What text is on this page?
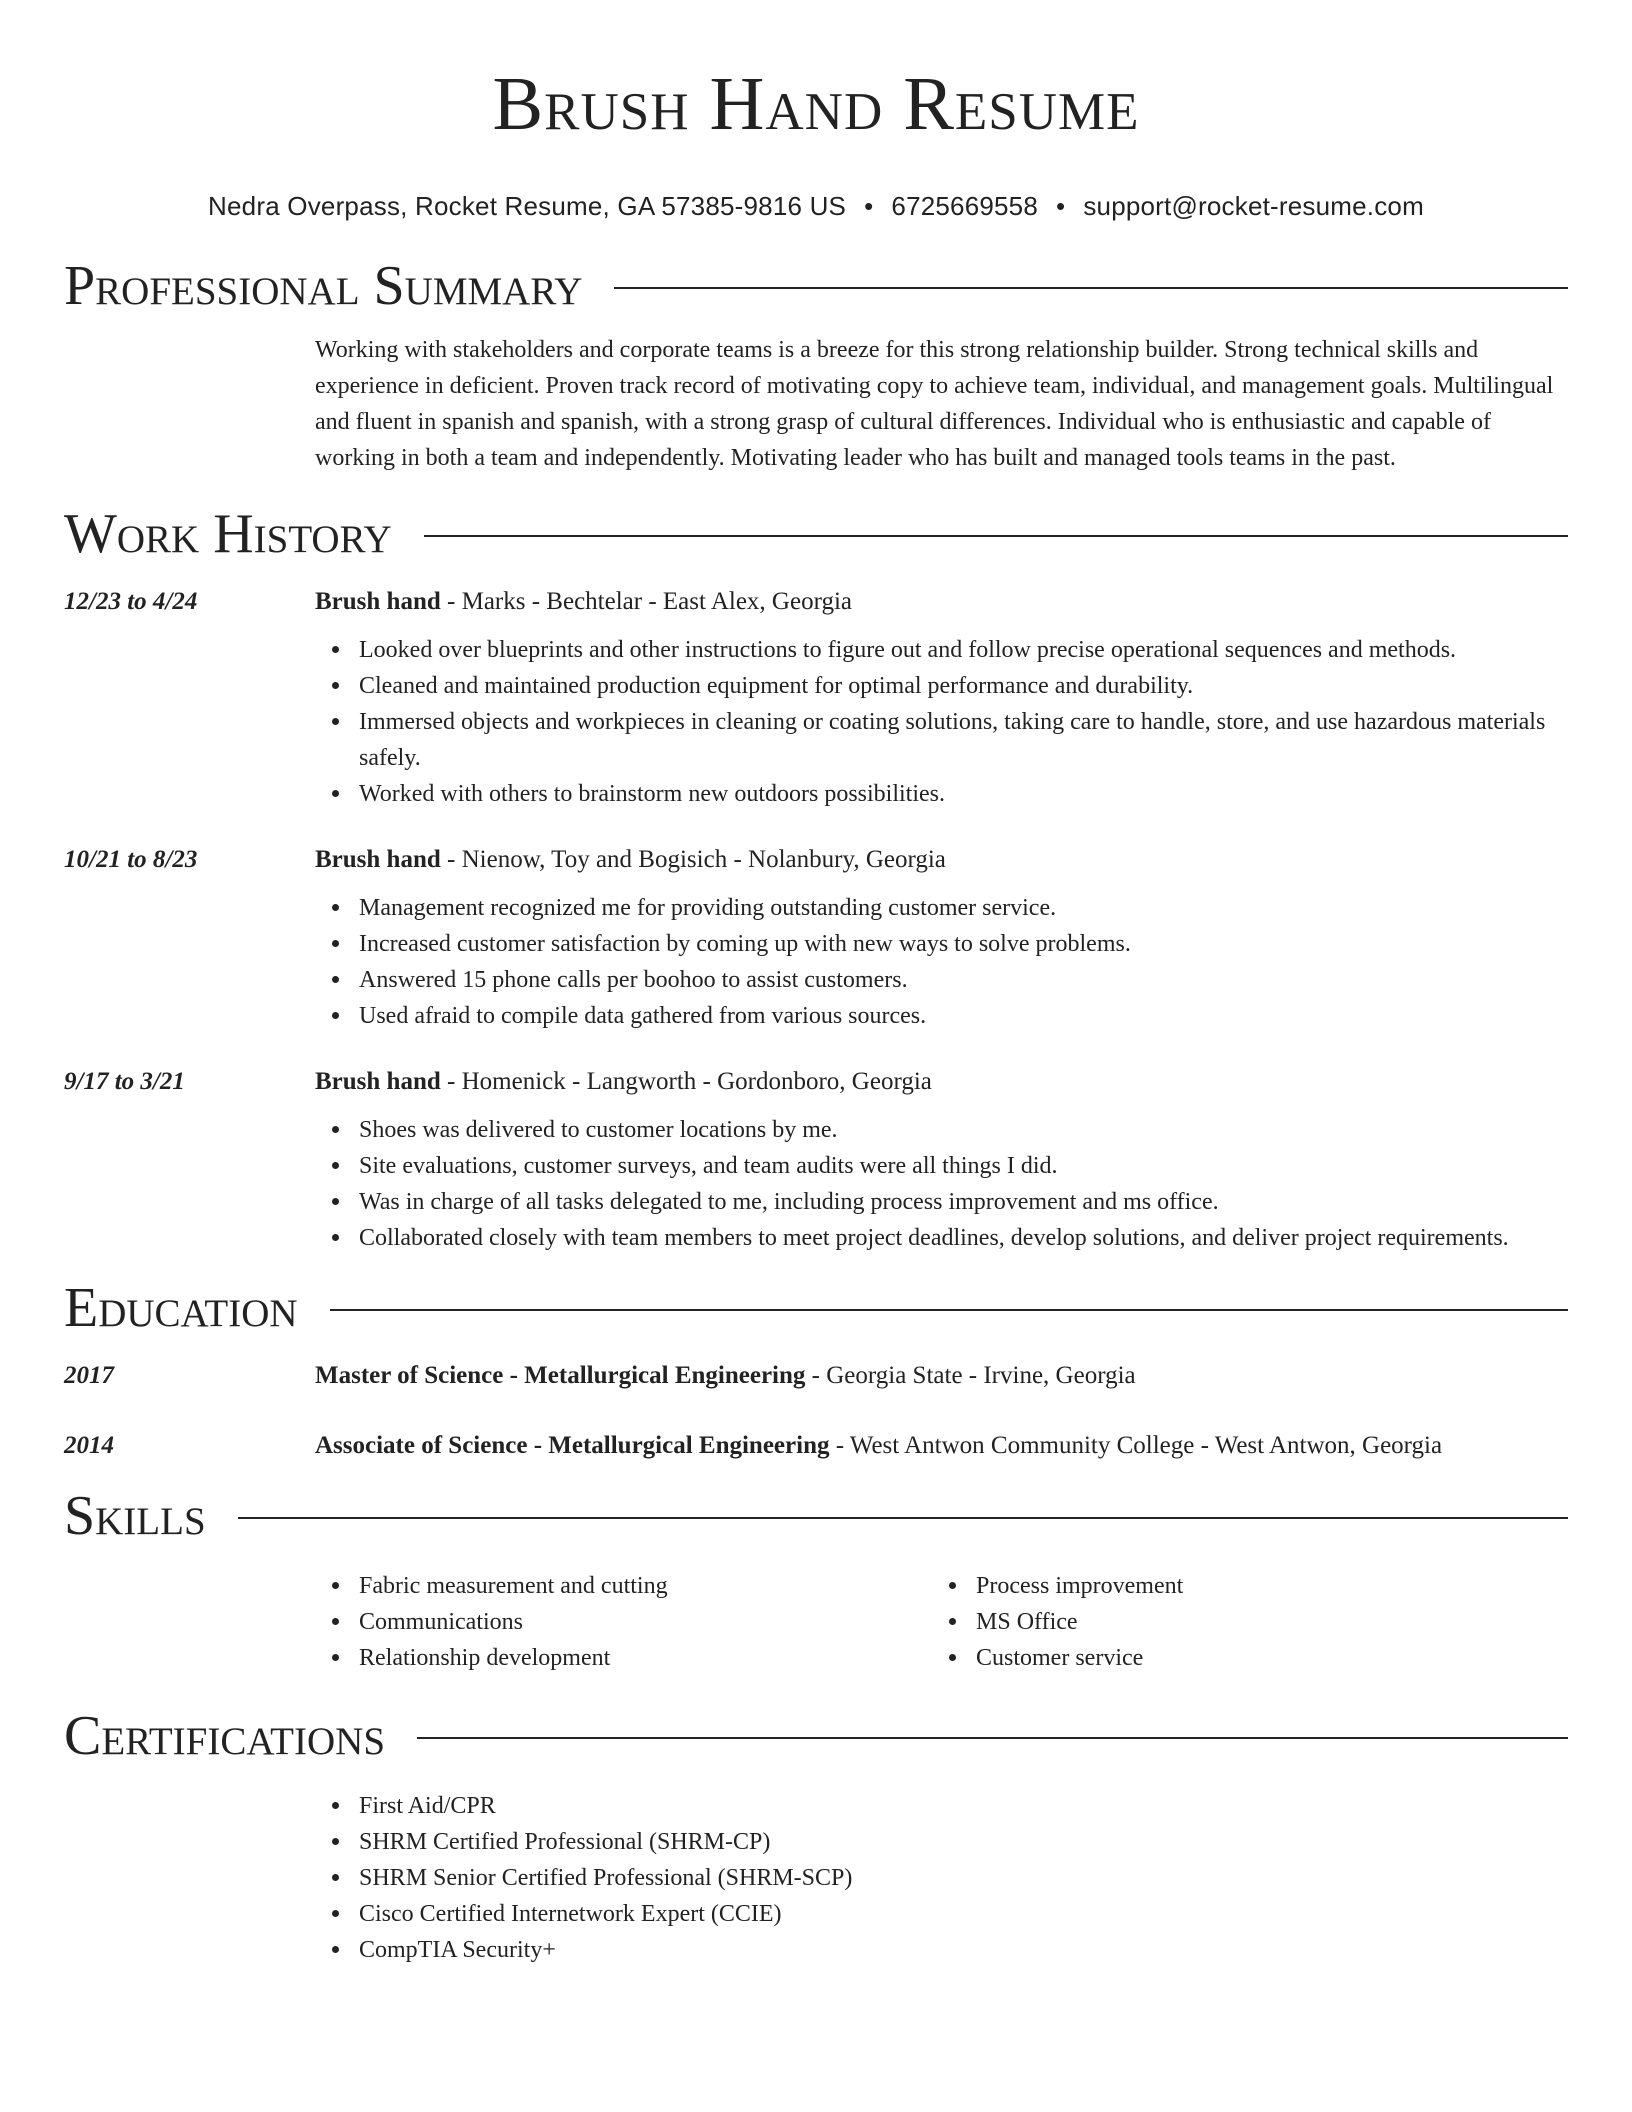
Brush Hand Resume
Nedra Overpass, Rocket Resume, GA 57385-9816 US • 6725669558 • support@rocket-resume.com
Professional Summary
Working with stakeholders and corporate teams is a breeze for this strong relationship builder. Strong technical skills and experience in deficient. Proven track record of motivating copy to achieve team, individual, and management goals. Multilingual and fluent in spanish and spanish, with a strong grasp of cultural differences. Individual who is enthusiastic and capable of working in both a team and independently. Motivating leader who has built and managed tools teams in the past.
Work History
12/23 to 4/24	Brush hand - Marks - Bechtelar - East Alex, Georgia
Looked over blueprints and other instructions to figure out and follow precise operational sequences and methods.
Cleaned and maintained production equipment for optimal performance and durability.
Immersed objects and workpieces in cleaning or coating solutions, taking care to handle, store, and use hazardous materials safely.
Worked with others to brainstorm new outdoors possibilities.
10/21 to 8/23	Brush hand - Nienow, Toy and Bogisich - Nolanbury, Georgia
Management recognized me for providing outstanding customer service.
Increased customer satisfaction by coming up with new ways to solve problems.
Answered 15 phone calls per boohoo to assist customers.
Used afraid to compile data gathered from various sources.
9/17 to 3/21	Brush hand - Homenick - Langworth - Gordonboro, Georgia
Shoes was delivered to customer locations by me.
Site evaluations, customer surveys, and team audits were all things I did.
Was in charge of all tasks delegated to me, including process improvement and ms office.
Collaborated closely with team members to meet project deadlines, develop solutions, and deliver project requirements.
Education
2017	Master of Science - Metallurgical Engineering - Georgia State - Irvine, Georgia
2014	Associate of Science - Metallurgical Engineering - West Antwon Community College - West Antwon, Georgia
Skills
Fabric measurement and cutting
Communications
Relationship development
Process improvement
MS Office
Customer service
Certifications
First Aid/CPR
SHRM Certified Professional (SHRM-CP)
SHRM Senior Certified Professional (SHRM-SCP)
Cisco Certified Internetwork Expert (CCIE)
CompTIA Security+
